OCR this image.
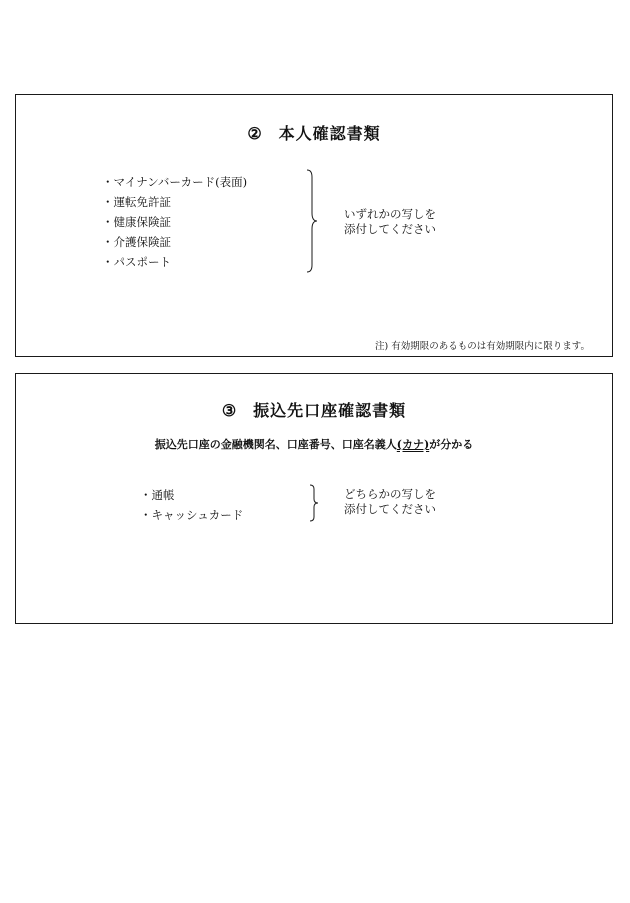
② 本人確認書類
・ マイナンバーカード(表面)
・ 運転免許証
・ 健康保険証
・ 介護保険証
・ パスポート
いずれかの写しを
添付してください
注) 有効期限のあるものは有効期限内に限ります。
③ 振込先口座確認書類
振込先口座の金融機関名、口座番号、口座名義人(カナ)が分かる
・ 通帳
・ キャッシュカード
どちらかの写しを
添付してください
